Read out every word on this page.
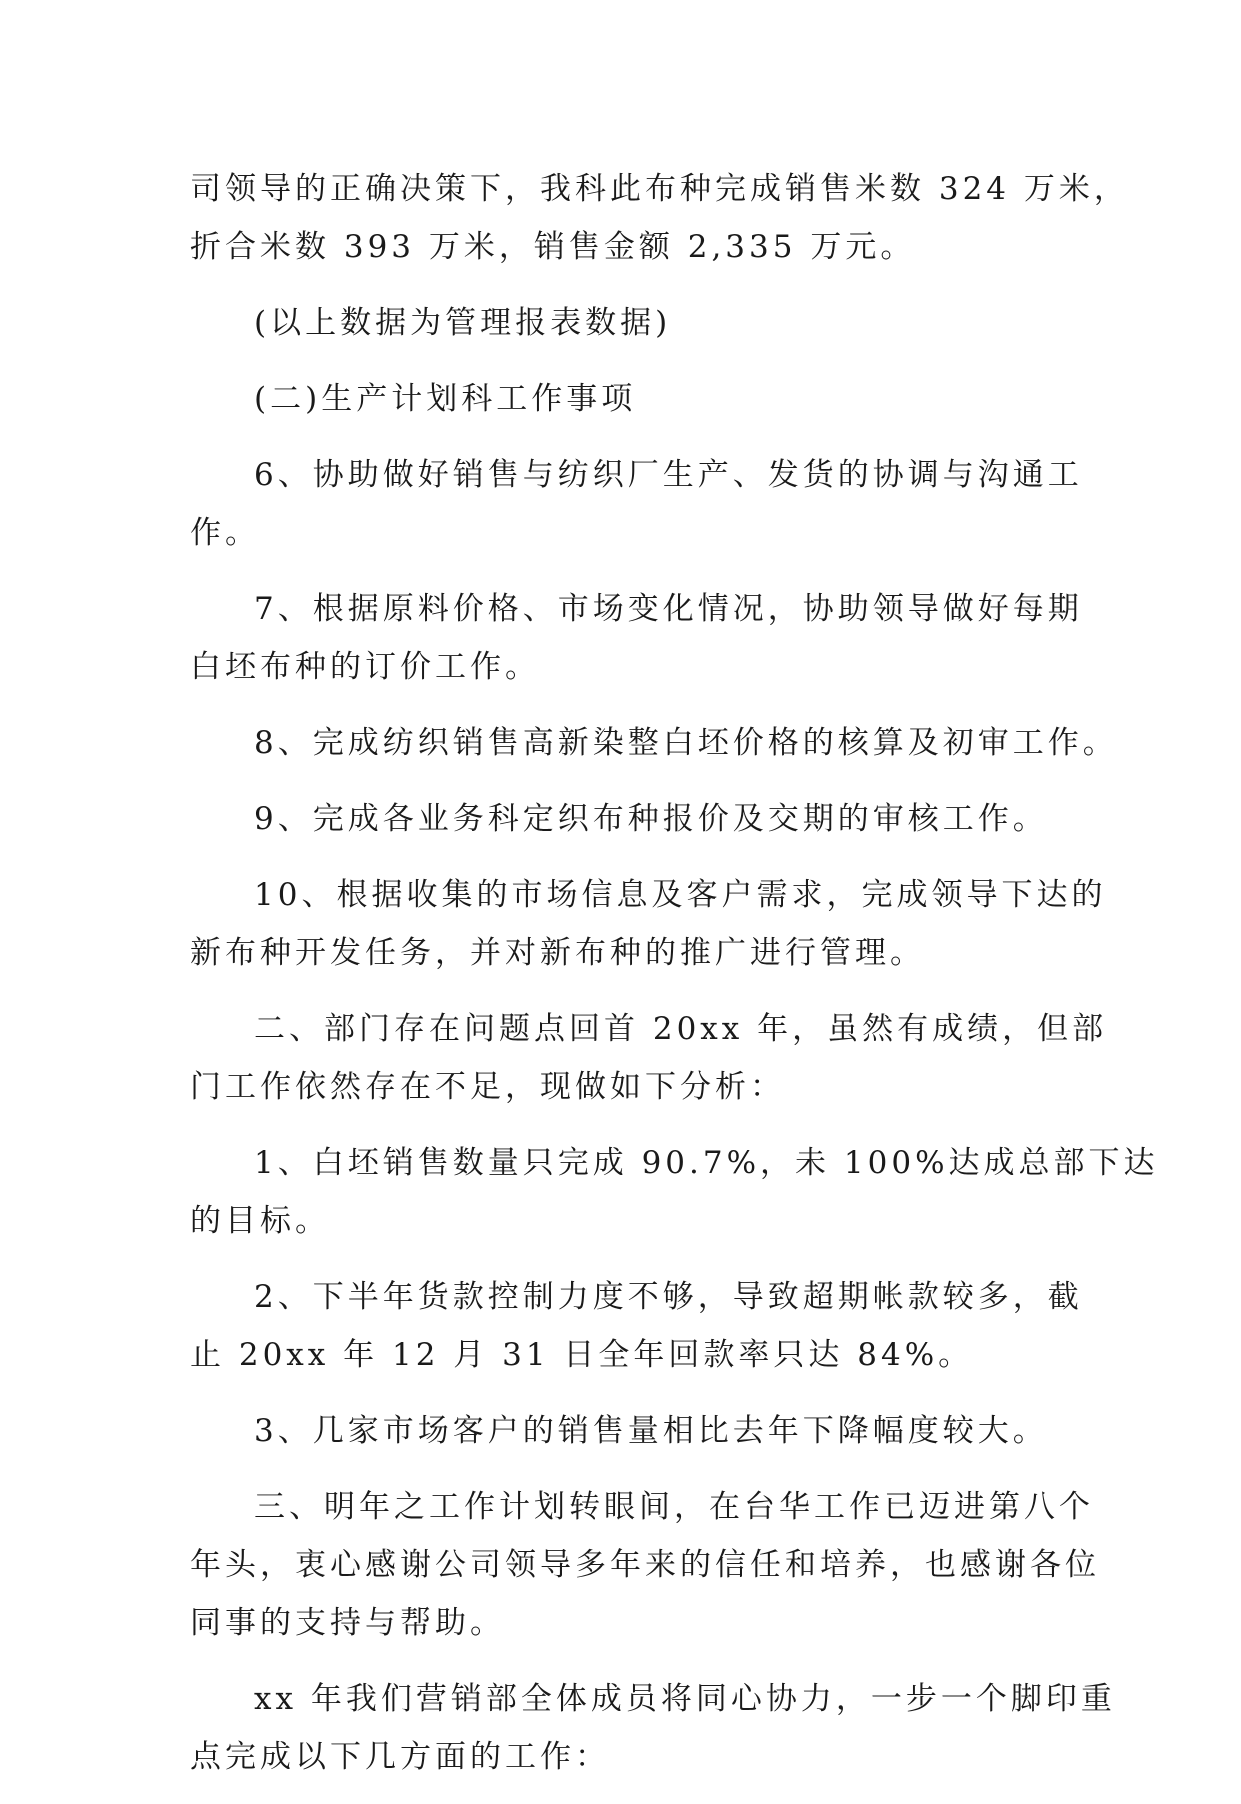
司领导的正确决策下，我科此布种完成销售米数 324 万米，
折合米数 393 万米，销售金额 2,335 万元。
(以上数据为管理报表数据)
(二)生产计划科工作事项
6、协助做好销售与纺织厂生产、发货的协调与沟通工
作。
7、根据原料价格、市场变化情况，协助领导做好每期
白坯布种的订价工作。
8、完成纺织销售高新染整白坯价格的核算及初审工作。
9、完成各业务科定织布种报价及交期的审核工作。
10、根据收集的市场信息及客户需求，完成领导下达的
新布种开发任务，并对新布种的推广进行管理。
二、部门存在问题点回首 20xx 年，虽然有成绩，但部
门工作依然存在不足，现做如下分析：
1、白坯销售数量只完成 90.7%，未 100%达成总部下达
的目标。
2、下半年货款控制力度不够，导致超期帐款较多，截
止 20xx 年 12 月 31 日全年回款率只达 84%。
3、几家市场客户的销售量相比去年下降幅度较大。
三、明年之工作计划转眼间，在台华工作已迈进第八个
年头，衷心感谢公司领导多年来的信任和培养，也感谢各位
同事的支持与帮助。
xx 年我们营销部全体成员将同心协力，一步一个脚印重
点完成以下几方面的工作：
